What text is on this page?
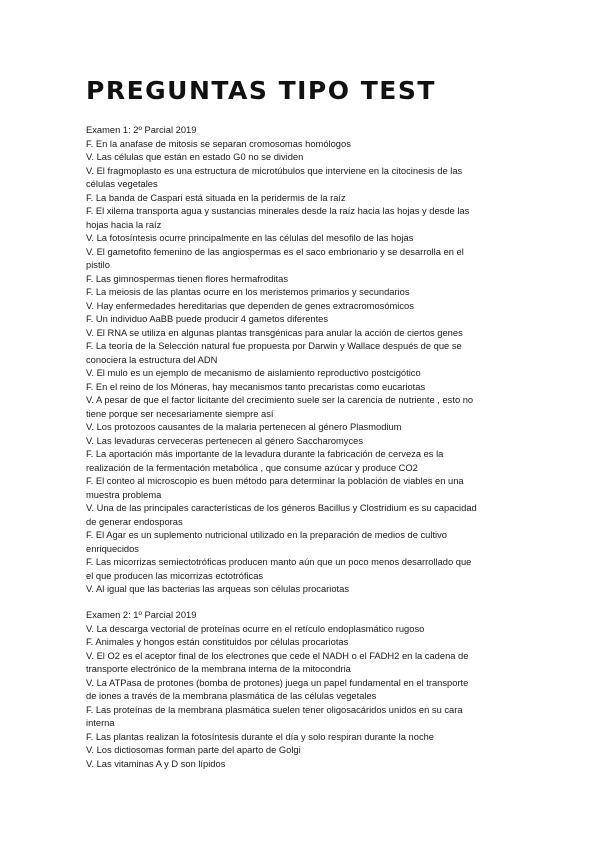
PREGUNTAS TIPO TEST
Examen 1: 2º Parcial 2019
F. En la anafase de mitosis se separan cromosomas homólogos
V. Las células que están en estado G0 no se dividen
V. El fragmoplasto es una estructura de microtúbulos que interviene en la citocinesis de las
células vegetales
F. La banda de Caspari está situada en la peridermis de la raíz
F. El xilema transporta agua y sustancias minerales desde la raíz hacia las hojas y desde las
hojas hacia la raíz
V. La fotosíntesis ocurre principalmente en las células del mesofilo de las hojas
V. El gametofito femenino de las angiospermas es el saco embrionario y se desarrolla en el
pistilo
F. Las gimnospermas tienen flores hermafroditas
F. La meiosis de las plantas ocurre en los meristemos primarios y secundarios
V. Hay enfermedades hereditarias que dependen de genes extracromosómicos
F. Un individuo AaBB puede producir 4 gametos diferentes
V. El RNA se utiliza en algunas plantas transgénicas para anular la acción de ciertos genes
F. La teoría de la Selección natural fue propuesta por Darwin y Wallace después de que se
conociera la estructura del ADN
V. El mulo es un ejemplo de mecanismo de aislamiento reproductivo postcigótico
F. En el reino de los Móneras, hay mecanismos tanto precaristas como eucariotas
V. A pesar de que el factor licitante del crecimiento suele ser la carencia de nutriente , esto no
tiene porque ser necesariamente siempre así
V. Los protozoos causantes de la malaria pertenecen al género Plasmodium
V. Las levaduras cerveceras pertenecen al género Saccharomyces
F. La aportación más importante de la levadura durante la fabricación de cerveza es la
realización de la fermentación metabólica , que consume azúcar y produce CO2
F. El conteo al microscopio es buen método para determinar la población de viables en una
muestra problema
V. Una de las principales características de los géneros Bacillus y Clostridium es su capacidad
de generar endosporas
F. El Agar es un suplemento nutricional utilizado en la preparación de medios de cultivo
enriquecidos
F. Las micorrizas semiectotróficas producen manto aún que un poco menos desarrollado que
el que producen las micorrizas ectotróficas
V. Al igual que las bacterias las arqueas son células procariotas
Examen 2: 1º Parcial 2019
V. La descarga vectorial de proteínas ocurre en el retículo endoplasmático rugoso
F. Animales y hongos están constituidos por células procariotas
V. El O2 es el aceptor final de los electrones que cede el NADH o el FADH2 en la cadena de
transporte electrónico de la membrana interna de la mitocondria
V. La ATPasa de protones (bomba de protones) juega un papel fundamental en el transporte
de iones a través de la membrana plasmática de las células vegetales
F. Las proteínas de la membrana plasmática suelen tener oligosacáridos unidos en su cara
interna
F. Las plantas realizan la fotosíntesis durante el día y solo respiran durante la noche
V. Los dictiosomas forman parte del aparto de Golgi
V. Las vitaminas A y D son lípidos
